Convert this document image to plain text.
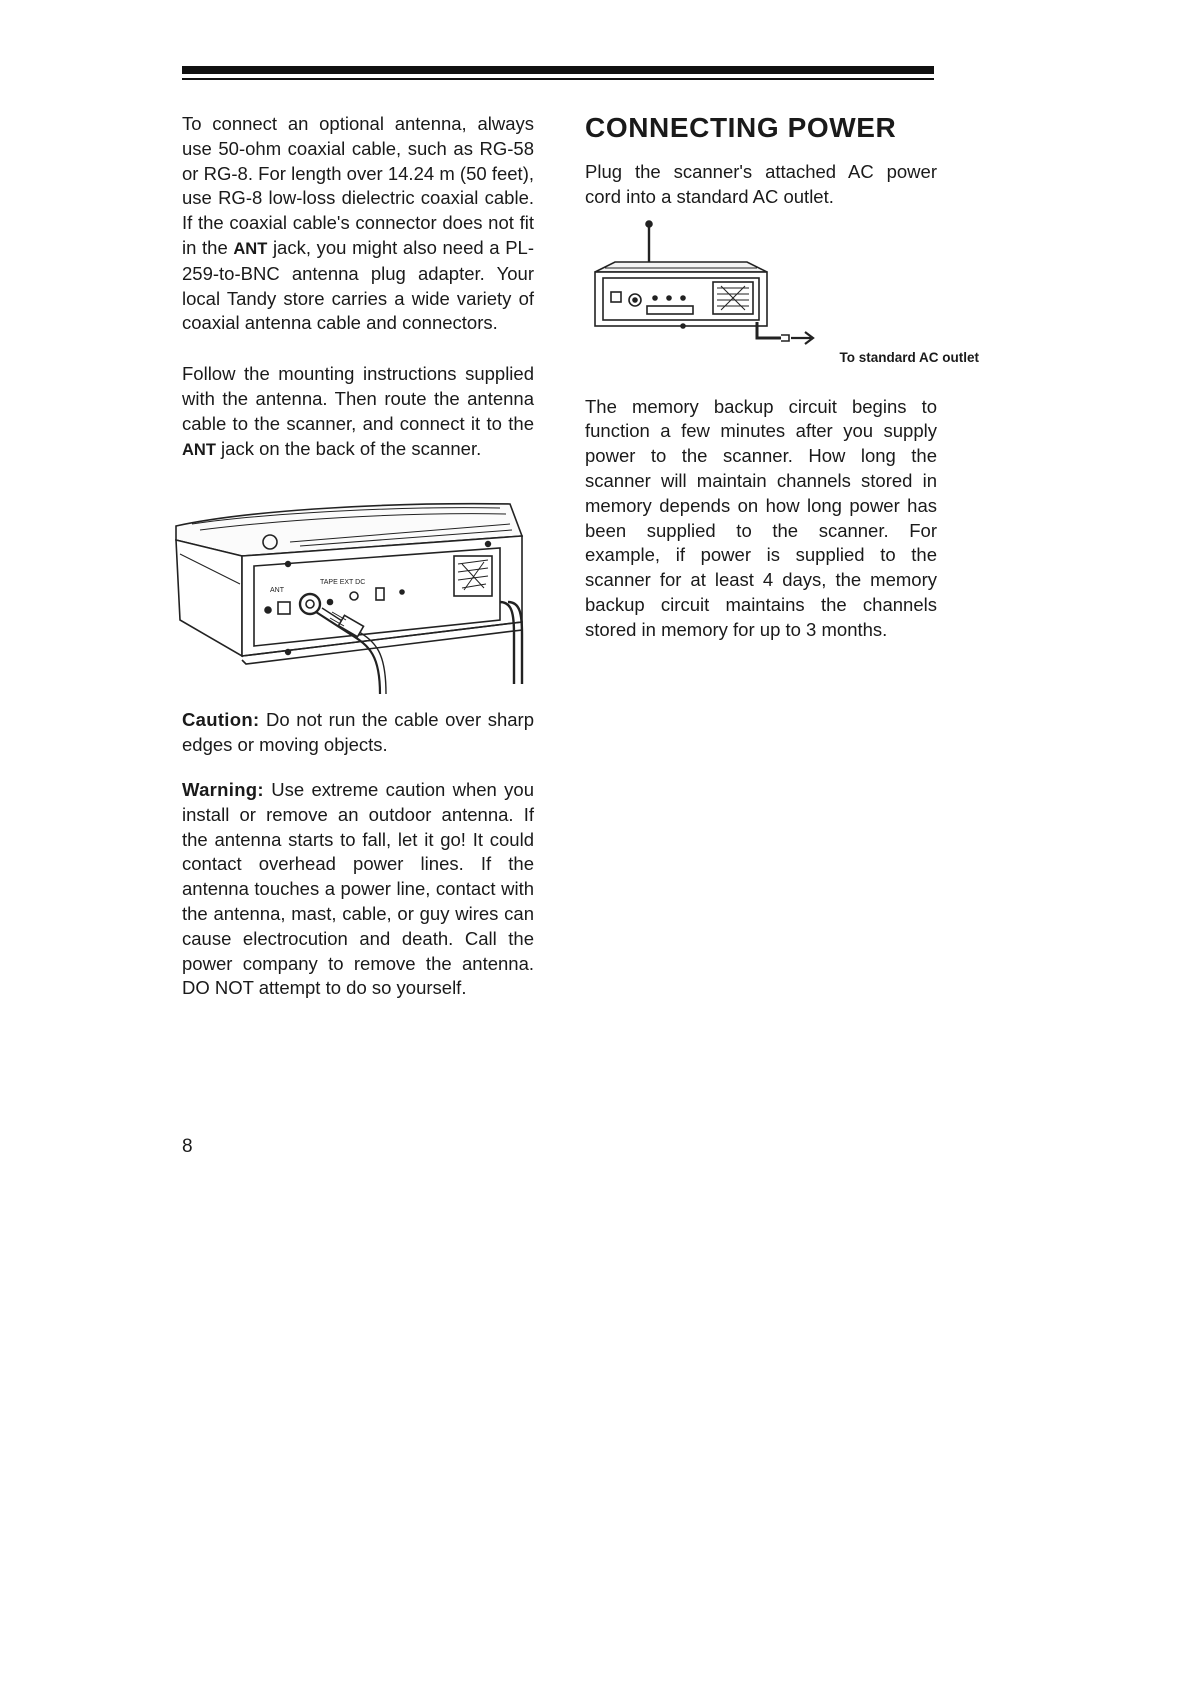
To connect an optional antenna, always use 50-ohm coaxial cable, such as RG-58 or RG-8. For length over 14.24 m (50 feet), use RG-8 low-loss dielectric coaxial cable. If the coaxial cable's connector does not fit in the ANT jack, you might also need a PL-259-to-BNC antenna plug adapter. Your local Tandy store carries a wide variety of coaxial antenna cable and connectors.

Follow the mounting instructions supplied with the antenna. Then route the antenna cable to the scanner, and connect it to the ANT jack on the back of the scanner.

ANT
TAPE EXT DC

Caution: Do not run the cable over sharp edges or moving objects.

Warning: Use extreme caution when you install or remove an outdoor antenna. If the antenna starts to fall, let it go! It could contact overhead power lines. If the antenna touches a power line, contact with the antenna, mast, cable, or guy wires can cause electrocution and death. Call the power company to remove the antenna. DO NOT attempt to do so yourself.

CONNECTING POWER

Plug the scanner's attached AC power cord into a standard AC outlet.

To standard AC outlet

The memory backup circuit begins to function a few minutes after you supply power to the scanner. How long the scanner will maintain channels stored in memory depends on how long power has been supplied to the scanner. For example, if power is supplied to the scanner for at least 4 days, the memory backup circuit maintains the channels stored in memory for up to 3 months.

8
